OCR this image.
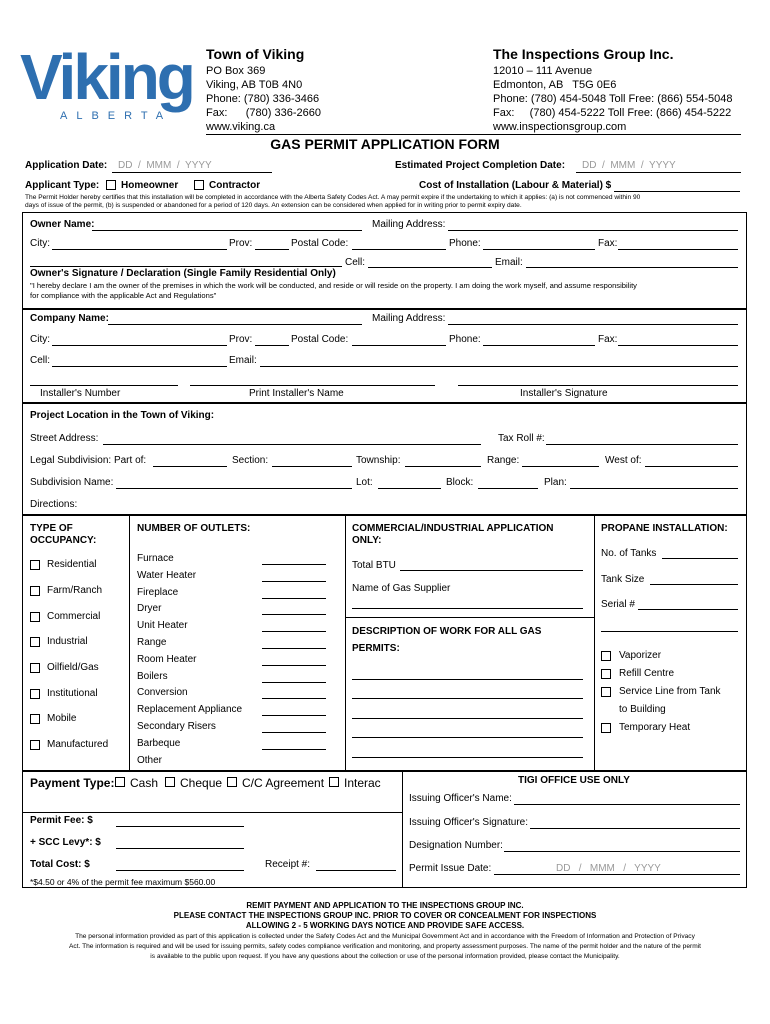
Viking
ALBERTA
Town of Viking
PO Box 369
Viking, AB T0B 4N0
Phone: (780) 336-3466
Fax:      (780) 336-2660
www.viking.ca
The Inspections Group Inc.
12010 – 111 Avenue
Edmonton, AB   T5G 0E6
Phone: (780) 454-5048 Toll Free: (866) 554-5048
Fax:     (780) 454-5222 Toll Free: (866) 454-5222
www.inspectionsgroup.com
GAS PERMIT APPLICATION FORM
Application Date: DD  /  MMM  /  YYYY	Estimated Project Completion Date: DD  /  MMM  /  YYYY
Applicant Type: Homeowner	Contractor	Cost of Installation (Labour & Material) $
The Permit Holder hereby certifies that this installation will be completed in accordance with the Alberta Safety Codes Act. A may permit expire if the undertaking to which it applies: (a) is not commenced within 90
days of issue of the permit, (b) is suspended or abandoned for a period of 120 days. An extension can be considered when applied for in writing prior to permit expiry date.
Owner Name:	Mailing Address:
City:	Prov:	Postal Code:	Phone:	Fax:
Cell:	Email:
Owner's Signature / Declaration (Single Family Residential Only)
"I hereby declare I am the owner of the premises in which the work will be conducted, and reside or will reside on the property. I am doing the work myself, and assume responsibility
for compliance with the applicable Act and Regulations"
Company Name:	Mailing Address:
City:	Prov:	Postal Code:	Phone:	Fax:
Cell:	Email:
Installer's Number	Print Installer's Name	Installer's Signature
Project Location in the Town of Viking:
Street Address:	Tax Roll #:
Legal Subdivision: Part of:	Section:	Township:	Range:	West of:
Subdivision Name:	Lot:	Block:	Plan:
Directions:
TYPE OF
OCCUPANCY:
Residential
Farm/Ranch
Commercial
Industrial
Oilfield/Gas
Institutional
Mobile
Manufactured
NUMBER OF OUTLETS:
Furnace
Water Heater
Fireplace
Dryer
Unit Heater
Range
Room Heater
Boilers
Conversion
Replacement Appliance
Secondary Risers
Barbeque
Other
COMMERCIAL/INDUSTRIAL APPLICATION
ONLY:
Total BTU
Name of Gas Supplier
DESCRIPTION OF WORK FOR ALL GAS
PERMITS:
PROPANE INSTALLATION:
No. of Tanks
Tank Size
Serial #
Vaporizer
Refill Centre
Service Line from Tank
to Building
Temporary Heat
Payment Type: Cash Cheque C/C Agreement Interac
Permit Fee: $
+ SCC Levy*: $
Total Cost: $	Receipt #:
*$4.50 or 4% of the permit fee maximum $560.00
TIGI OFFICE USE ONLY
Issuing Officer's Name:
Issuing Officer's Signature:
Designation Number:
Permit Issue Date:	DD   /   MMM   /   YYYY
REMIT PAYMENT AND APPLICATION TO THE INSPECTIONS GROUP INC.
PLEASE CONTACT THE INSPECTIONS GROUP INC. PRIOR TO COVER OR CONCEALMENT FOR INSPECTIONS
ALLOWING 2 - 5 WORKING DAYS NOTICE AND PROVIDE SAFE ACCESS.
The personal information provided as part of this application is collected under the Safety Codes Act and the Municipal Government Act and in accordance with the Freedom of Information and Protection of Privacy
Act. The information is required and will be used for issuing permits, safety codes compliance verification and monitoring, and property assessment purposes. The name of the permit holder and the nature of the permit
is available to the public upon request. If you have any questions about the collection or use of the personal information provided, please contact the Municipality.
